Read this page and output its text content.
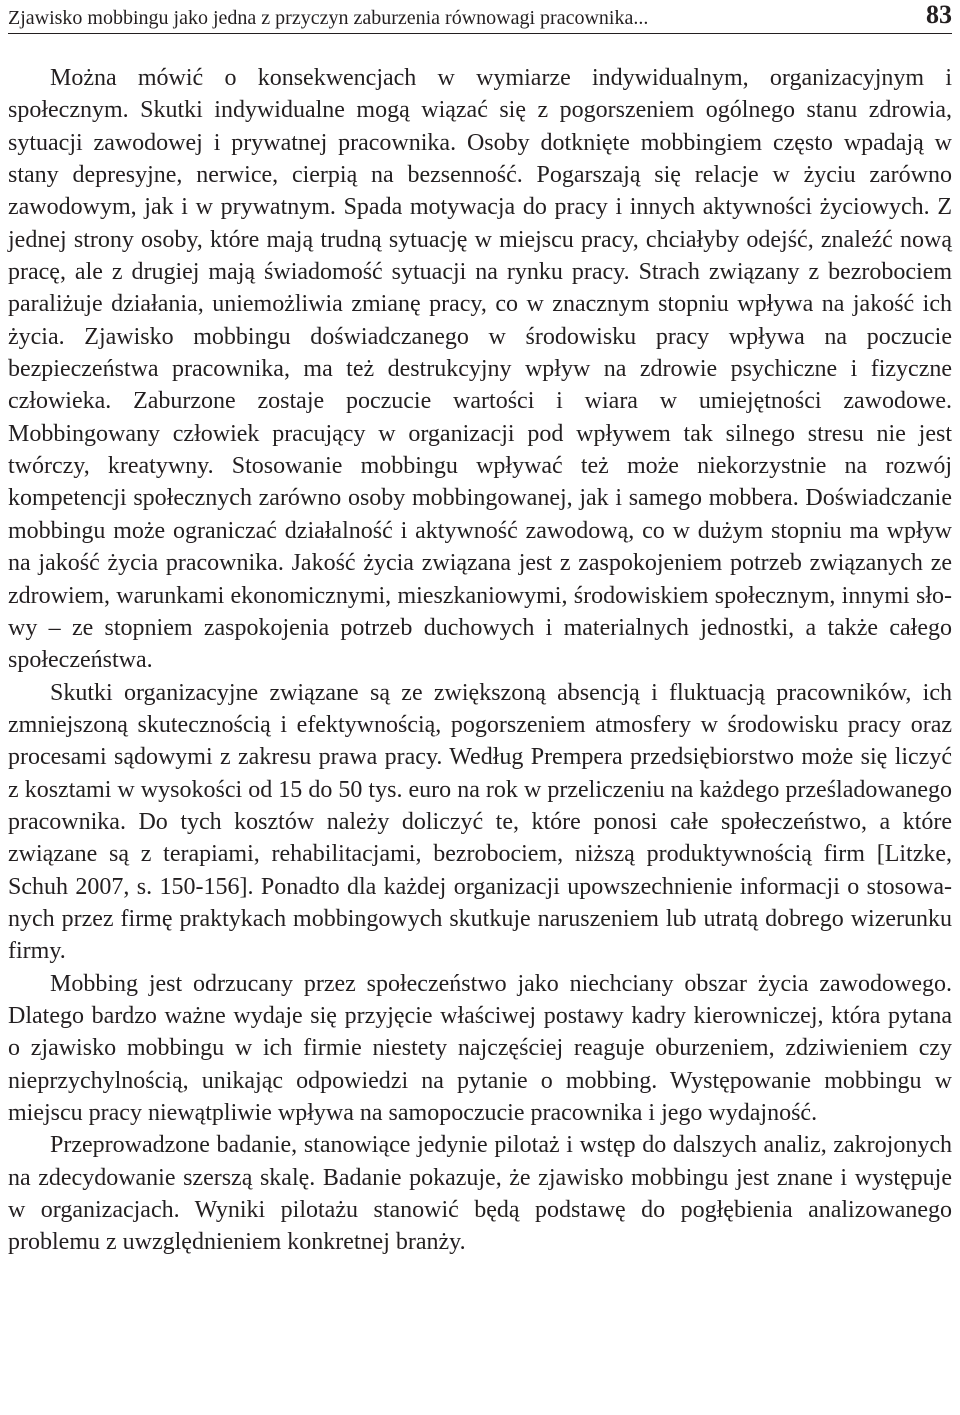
Zjawisko mobbingu jako jedna z przyczyn zaburzenia równowagi pracownika...	83

Można mówić o konsekwencjach w wymiarze indywidualnym, organizacyjnym i społecznym. Skutki indywidualne mogą wiązać się z pogorszeniem ogólnego stanu zdrowia, sytuacji zawodowej i prywatnej pracownika. Osoby dotknięte mobbingiem często wpadają w stany depresyjne, nerwice, cierpią na bezsenność. Pogarszają się relacje w życiu zarówno zawodowym, jak i w prywatnym. Spada motywacja do pracy i innych aktywności życiowych. Z jednej strony osoby, które mają trudną sytuację w miejscu pracy, chciałyby odejść, znaleźć nową pracę, ale z drugiej mają świadomość sytuacji na rynku pracy. Strach związany z bezrobociem paraliżuje działania, uniemożliwia zmianę pracy, co w znacznym stopniu wpływa na jakość ich życia. Zjawisko mobbingu doświadczanego w środowisku pracy wpływa na poczucie bezpieczeństwa pracownika, ma też destrukcyjny wpływ na zdrowie psychiczne i fizyczne człowieka. Zaburzone zostaje poczucie wartości i wiara w umiejętności zawodowe. Mobbingowany człowiek pracujący w organizacji pod wpływem tak silnego stresu nie jest twórczy, kreatywny. Stosowanie mobbingu wpływać też może niekorzystnie na rozwój kompetencji społecznych zarówno osoby mobbingowanej, jak i samego mobbera. Doświadczanie mobbingu może ograniczać działalność i aktywność zawodową, co w dużym stopniu ma wpływ na jakość życia pracownika. Jakość życia związana jest z zaspokojeniem potrzeb związanych ze zdrowiem, warunkami ekonomicznymi, mieszkaniowymi, środowiskiem społecznym, innymi słowy – ze stopniem zaspokojenia potrzeb duchowych i materialnych jednostki, a także całego społeczeństwa.

Skutki organizacyjne związane są ze zwiększoną absencją i fluktuacją pracowników, ich zmniejszoną skutecznością i efektywnością, pogorszeniem atmosfery w środowisku pracy oraz procesami sądowymi z zakresu prawa pracy. Według Prempera przedsiębiorstwo może się liczyć z kosztami w wysokości od 15 do 50 tys. euro na rok w przeliczeniu na każdego prześladowanego pracownika. Do tych kosztów należy doliczyć te, które ponosi całe społeczeństwo, a które związane są z terapiami, rehabilitacjami, bezrobociem, niższą produktywnością firm [Litzke, Schuh 2007, s. 150-156]. Ponadto dla każdej organizacji upowszechnienie informacji o stosowanych przez firmę praktykach mobbingowych skutkuje naruszeniem lub utratą dobrego wizerunku firmy.

Mobbing jest odrzucany przez społeczeństwo jako niechciany obszar życia zawodowego. Dlatego bardzo ważne wydaje się przyjęcie właściwej postawy kadry kierowniczej, która pytana o zjawisko mobbingu w ich firmie niestety najczęściej reaguje oburzeniem, zdziwieniem czy nieprzychylnością, unikając odpowiedzi na pytanie o mobbing. Występowanie mobbingu w miejscu pracy niewątpliwie wpływa na samopoczucie pracownika i jego wydajność.

Przeprowadzone badanie, stanowiące jedynie pilotaż i wstęp do dalszych analiz, zakrojonych na zdecydowanie szerszą skalę. Badanie pokazuje, że zjawisko mobbingu jest znane i występuje w organizacjach. Wyniki pilotażu stanowić będą podstawę do pogłębienia analizowanego problemu z uwzględnieniem konkretnej branży.
